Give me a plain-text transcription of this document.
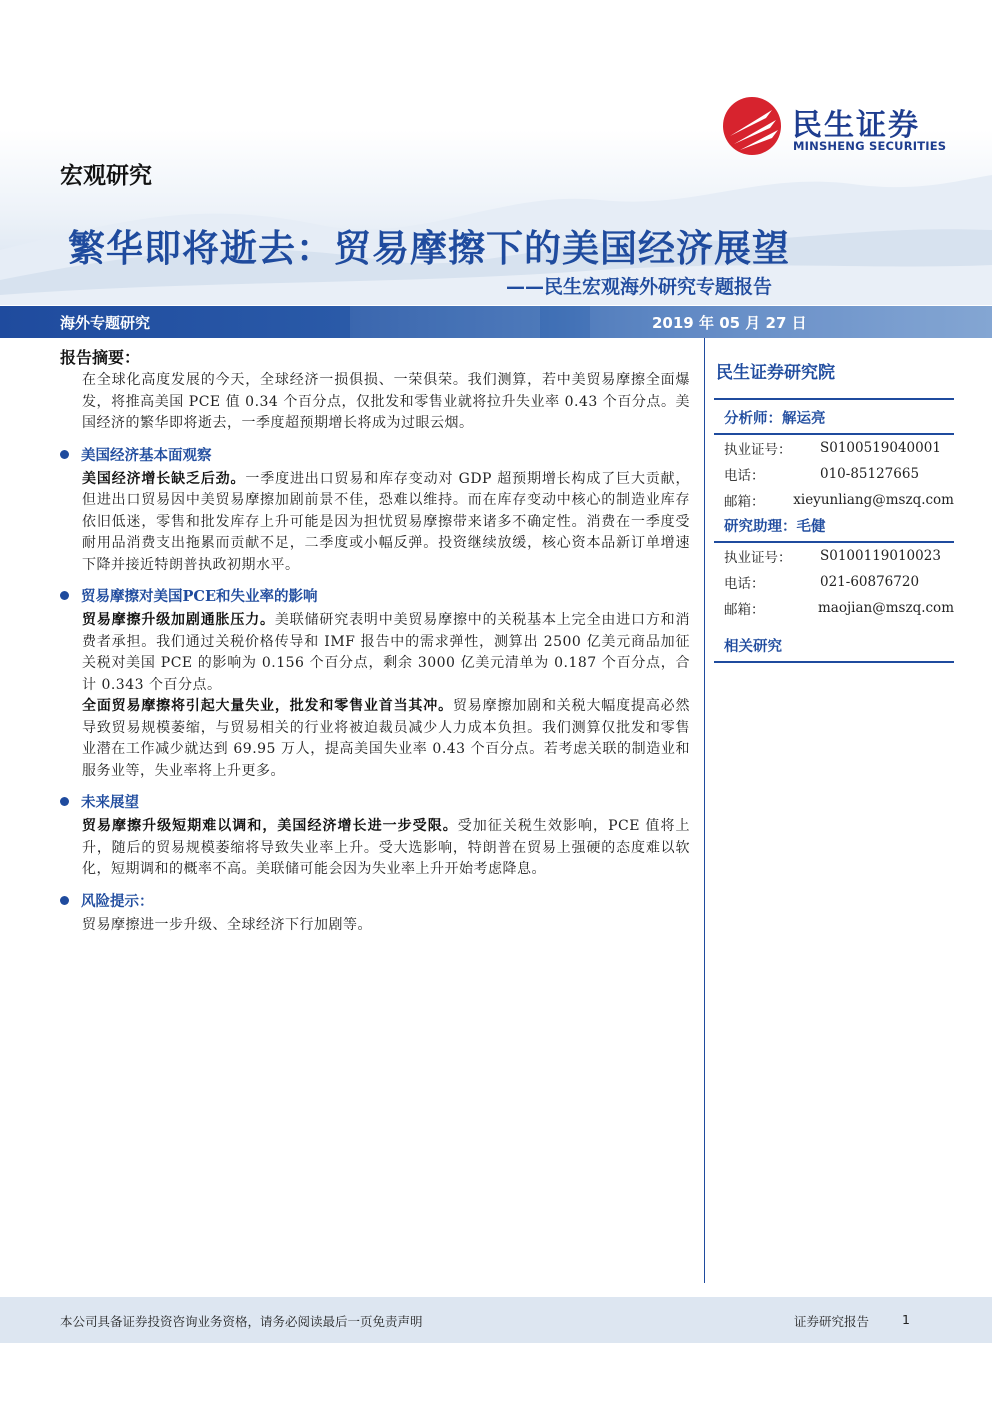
民生证券
MINSHENG SECURITIES
宏观研究
繁华即将逝去：贸易摩擦下的美国经济展望
——民生宏观海外研究专题报告
海外专题研究	2019 年 05 月 27 日
报告摘要：

在全球化高度发展的今天，全球经济一损俱损、一荣俱荣。我们测算，若中美贸易摩擦全面爆发，将推高美国 PCE 值 0.34 个百分点，仅批发和零售业就将拉升失业率 0.43 个百分点。美国经济的繁华即将逝去，一季度超预期增长将成为过眼云烟。

美国经济基本面观察

美国经济增长缺乏后劲。一季度进出口贸易和库存变动对 GDP 超预期增长构成了巨大贡献，但进出口贸易因中美贸易摩擦加剧前景不佳，恐难以维持。而在库存变动中核心的制造业库存依旧低迷，零售和批发库存上升可能是因为担忧贸易摩擦带来诸多不确定性。消费在一季度受耐用品消费支出拖累而贡献不足，二季度或小幅反弹。投资继续放缓，核心资本品新订单增速下降并接近特朗普执政初期水平。

贸易摩擦对美国PCE和失业率的影响

贸易摩擦升级加剧通胀压力。美联储研究表明中美贸易摩擦中的关税基本上完全由进口方和消费者承担。我们通过关税价格传导和 IMF 报告中的需求弹性，测算出 2500 亿美元商品加征关税对美国 PCE 的影响为 0.156 个百分点，剩余 3000 亿美元清单为 0.187 个百分点，合计 0.343 个百分点。

全面贸易摩擦将引起大量失业，批发和零售业首当其冲。贸易摩擦加剧和关税大幅度提高必然导致贸易规模萎缩，与贸易相关的行业将被迫裁员减少人力成本负担。我们测算仅批发和零售业潜在工作减少就达到 69.95 万人，提高美国失业率 0.43 个百分点。若考虑关联的制造业和服务业等，失业率将上升更多。

未来展望

贸易摩擦升级短期难以调和，美国经济增长进一步受限。受加征关税生效影响，PCE 值将上升，随后的贸易规模萎缩将导致失业率上升。受大选影响，特朗普在贸易上强硬的态度难以软化，短期调和的概率不高。美联储可能会因为失业率上升开始考虑降息。

风险提示：

贸易摩擦进一步升级、全球经济下行加剧等。

民生证券研究院
分析师：解运亮
执业证号：	S0100519040001
电话：	010-85127665
邮箱：	xieyunliang@mszq.com
研究助理：毛健
执业证号：	S0100119010023
电话：	021-60876720
邮箱：	maojian@mszq.com
相关研究
本公司具备证券投资咨询业务资格，请务必阅读最后一页免责声明	证券研究报告	1
